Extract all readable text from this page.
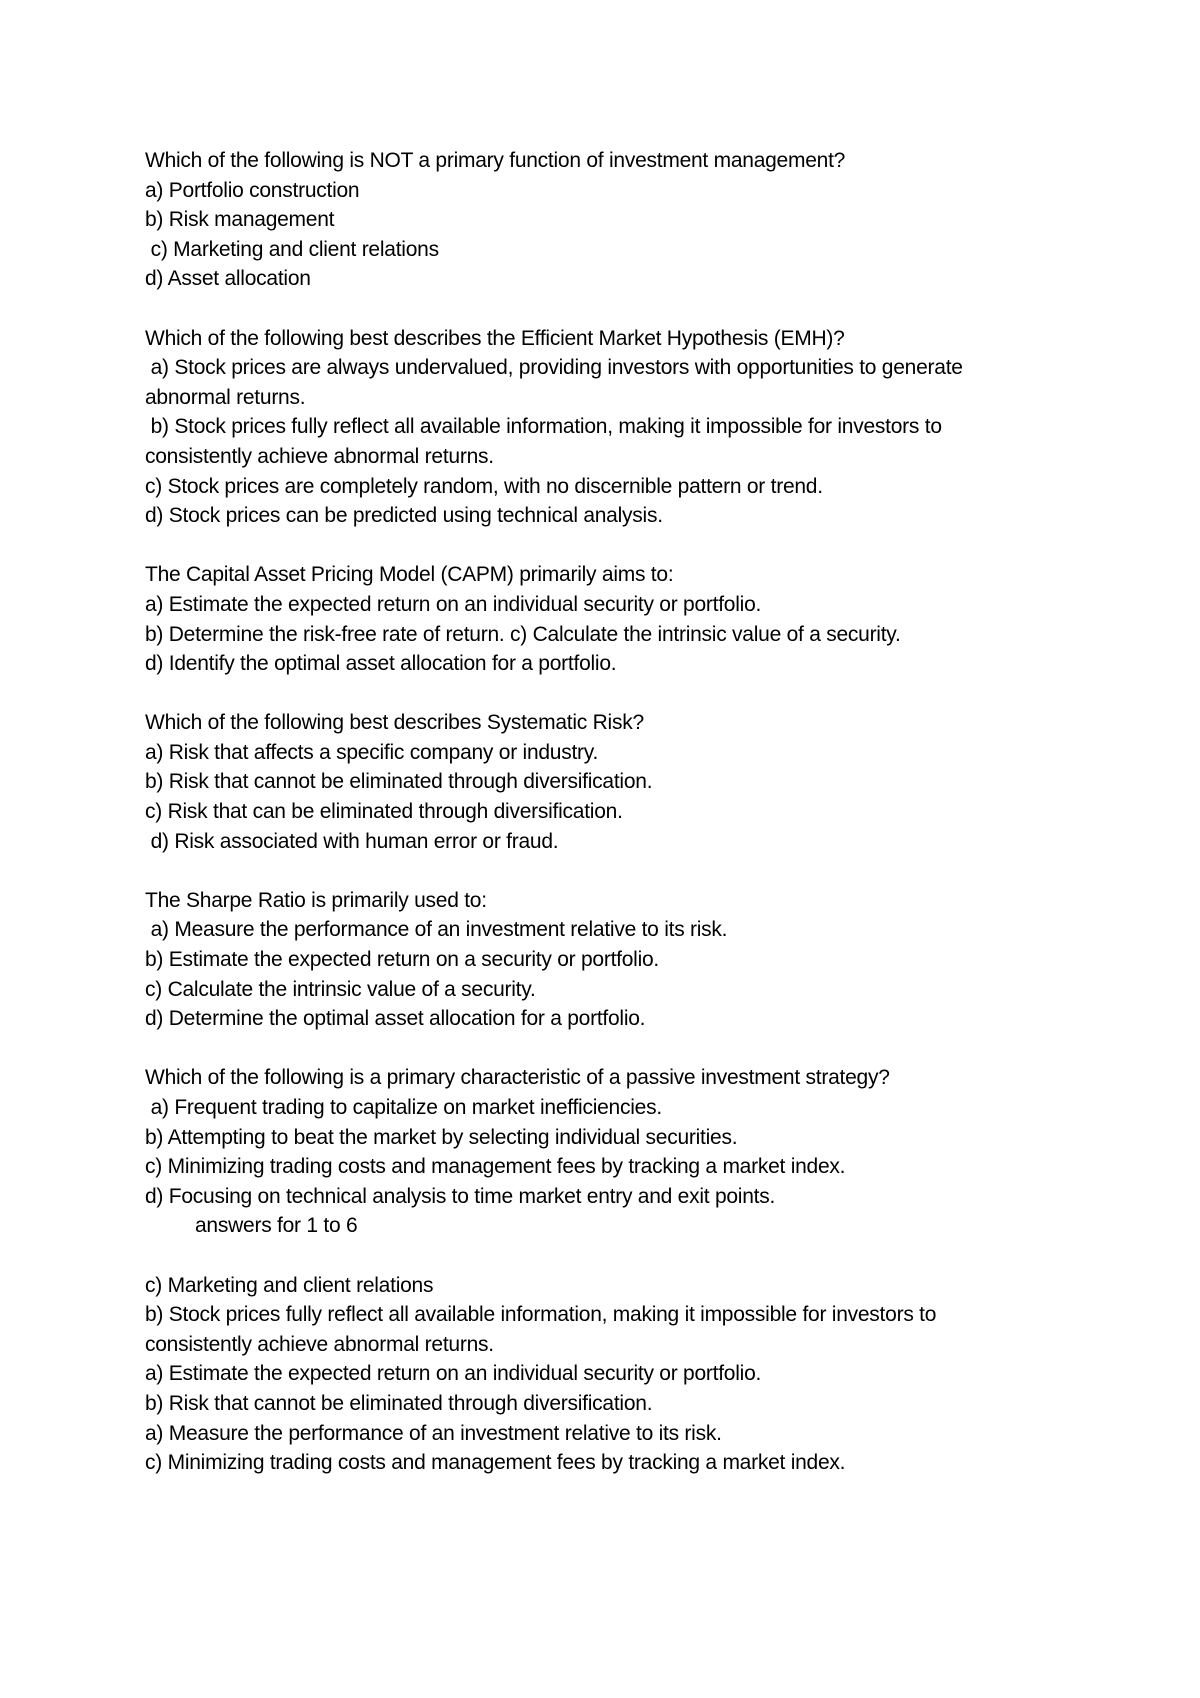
Which of the following is NOT a primary function of investment management?
a) Portfolio construction
b) Risk management
c) Marketing and client relations
d) Asset allocation
Which of the following best describes the Efficient Market Hypothesis (EMH)?
a) Stock prices are always undervalued, providing investors with opportunities to generate
abnormal returns.
b) Stock prices fully reflect all available information, making it impossible for investors to
consistently achieve abnormal returns.
c) Stock prices are completely random, with no discernible pattern or trend.
d) Stock prices can be predicted using technical analysis.
The Capital Asset Pricing Model (CAPM) primarily aims to:
a) Estimate the expected return on an individual security or portfolio.
b) Determine the risk-free rate of return. c) Calculate the intrinsic value of a security.
d) Identify the optimal asset allocation for a portfolio.
Which of the following best describes Systematic Risk?
a) Risk that affects a specific company or industry.
b) Risk that cannot be eliminated through diversification.
c) Risk that can be eliminated through diversification.
d) Risk associated with human error or fraud.
The Sharpe Ratio is primarily used to:
a) Measure the performance of an investment relative to its risk.
b) Estimate the expected return on a security or portfolio.
c) Calculate the intrinsic value of a security.
d) Determine the optimal asset allocation for a portfolio.
Which of the following is a primary characteristic of a passive investment strategy?
a) Frequent trading to capitalize on market inefficiencies.
b) Attempting to beat the market by selecting individual securities.
c) Minimizing trading costs and management fees by tracking a market index.
d) Focusing on technical analysis to time market entry and exit points.
answers for 1 to 6
c) Marketing and client relations
b) Stock prices fully reflect all available information, making it impossible for investors to
consistently achieve abnormal returns.
a) Estimate the expected return on an individual security or portfolio.
b) Risk that cannot be eliminated through diversification.
a) Measure the performance of an investment relative to its risk.
c) Minimizing trading costs and management fees by tracking a market index.
